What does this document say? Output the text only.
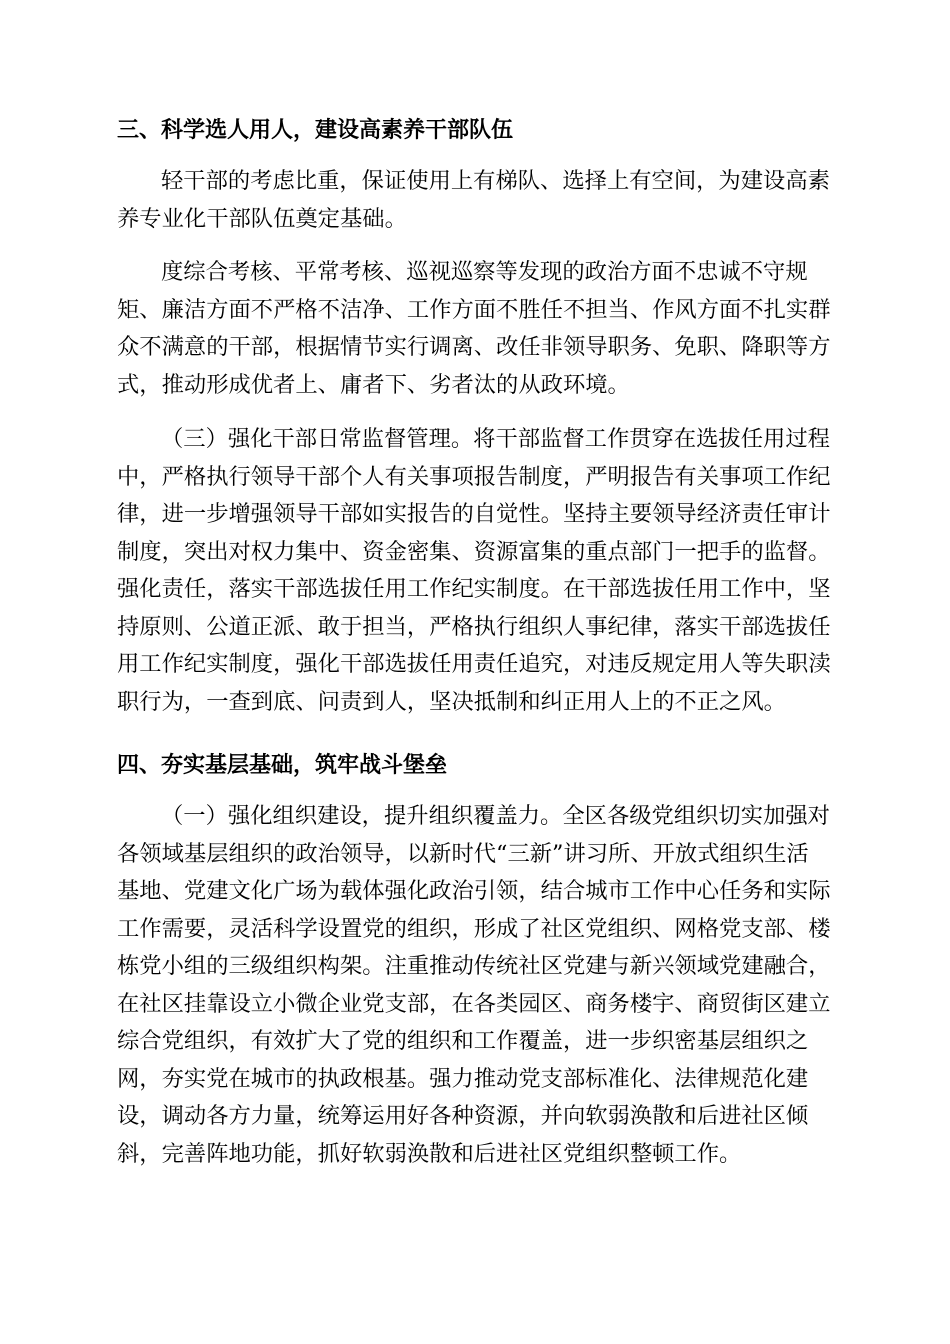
三、科学选人用人，建设高素养干部队伍
轻干部的考虑比重，保证使用上有梯队、选择上有空间，为建设高素
养专业化干部队伍奠定基础。
度综合考核、平常考核、巡视巡察等发现的政治方面不忠诚不守规
矩、廉洁方面不严格不洁净、工作方面不胜任不担当、作风方面不扎实群
众不满意的干部，根据情节实行调离、改任非领导职务、免职、降职等方
式，推动形成优者上、庸者下、劣者汰的从政环境。
（三）强化干部日常监督管理。将干部监督工作贯穿在选拔任用过程
中，严格执行领导干部个人有关事项报告制度，严明报告有关事项工作纪
律，进一步增强领导干部如实报告的自觉性。坚持主要领导经济责任审计
制度，突出对权力集中、资金密集、资源富集的重点部门一把手的监督。
强化责任，落实干部选拔任用工作纪实制度。在干部选拔任用工作中，坚
持原则、公道正派、敢于担当，严格执行组织人事纪律，落实干部选拔任
用工作纪实制度，强化干部选拔任用责任追究，对违反规定用人等失职渎
职行为，一查到底、问责到人，坚决抵制和纠正用人上的不正之风。
四、夯实基层基础，筑牢战斗堡垒
（一）强化组织建设，提升组织覆盖力。全区各级党组织切实加强对
各领域基层组织的政治领导，以新时代“三新”讲习所、开放式组织生活
基地、党建文化广场为载体强化政治引领，结合城市工作中心任务和实际
工作需要，灵活科学设置党的组织，形成了社区党组织、网格党支部、楼
栋党小组的三级组织构架。注重推动传统社区党建与新兴领域党建融合，
在社区挂靠设立小微企业党支部，在各类园区、商务楼宇、商贸街区建立
综合党组织，有效扩大了党的组织和工作覆盖，进一步织密基层组织之
网，夯实党在城市的执政根基。强力推动党支部标准化、法律规范化建
设，调动各方力量，统筹运用好各种资源，并向软弱涣散和后进社区倾
斜，完善阵地功能，抓好软弱涣散和后进社区党组织整顿工作。
